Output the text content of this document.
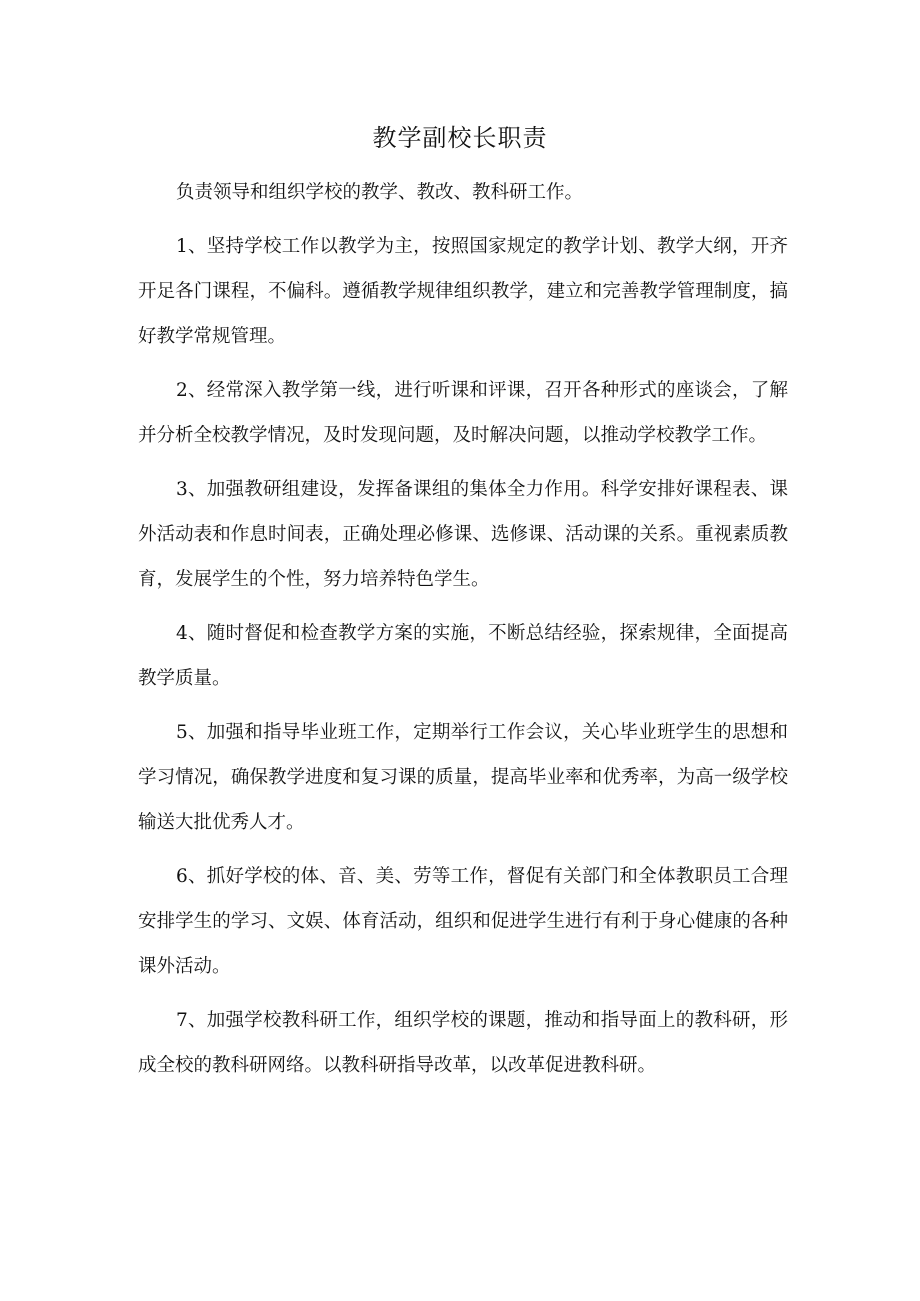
教学副校长职责

负责领导和组织学校的教学、教改、教科研工作。

1、坚持学校工作以教学为主，按照国家规定的教学计划、教学大纲，开齐开足各门课程，不偏科。遵循教学规律组织教学，建立和完善教学管理制度，搞好教学常规管理。

2、经常深入教学第一线，进行听课和评课，召开各种形式的座谈会，了解并分析全校教学情况，及时发现问题，及时解决问题，以推动学校教学工作。

3、加强教研组建设，发挥备课组的集体全力作用。科学安排好课程表、课外活动表和作息时间表，正确处理必修课、选修课、活动课的关系。重视素质教育，发展学生的个性，努力培养特色学生。

4、随时督促和检查教学方案的实施，不断总结经验，探索规律，全面提高教学质量。

5、加强和指导毕业班工作，定期举行工作会议，关心毕业班学生的思想和学习情况，确保教学进度和复习课的质量，提高毕业率和优秀率，为高一级学校输送大批优秀人才。

6、抓好学校的体、音、美、劳等工作，督促有关部门和全体教职员工合理安排学生的学习、文娱、体育活动，组织和促进学生进行有利于身心健康的各种课外活动。

7、加强学校教科研工作，组织学校的课题，推动和指导面上的教科研，形成全校的教科研网络。以教科研指导改革，以改革促进教科研。
